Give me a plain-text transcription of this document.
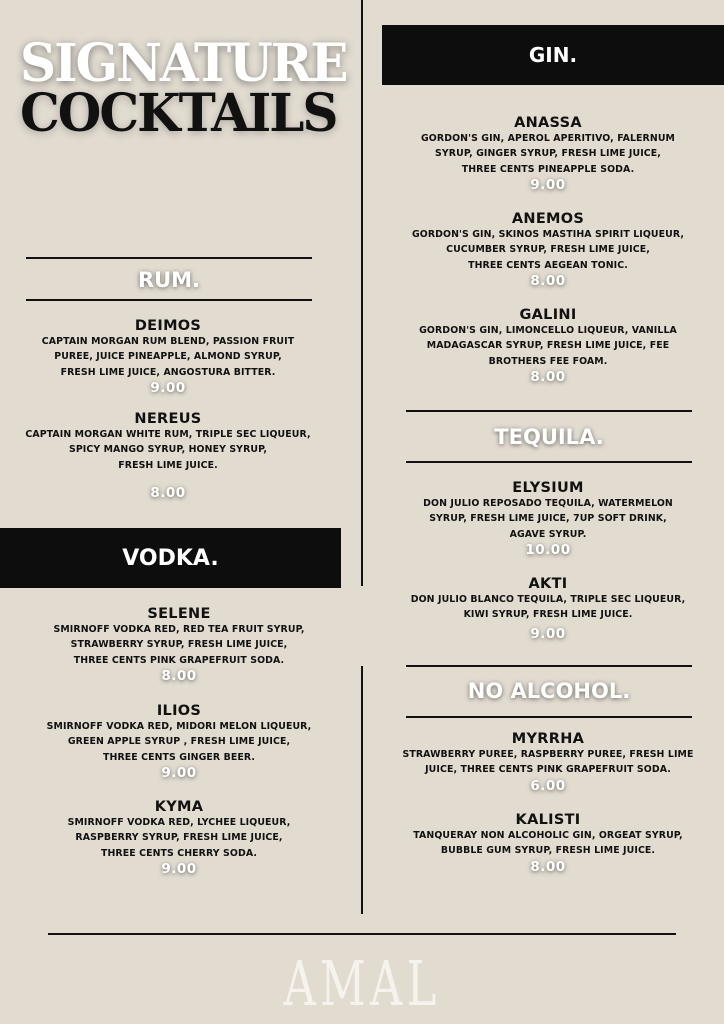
SIGNATURE
COCKTAILS
RUM.
DEIMOS
CAPTAIN MORGAN RUM BLEND, PASSION FRUIT
PUREE, JUICE PINEAPPLE, ALMOND SYRUP,
FRESH LIME JUICE, ANGOSTURA BITTER.
9.00
NEREUS
CAPTAIN MORGAN WHITE RUM, TRIPLE SEC LIQUEUR,
SPICY MANGO SYRUP, HONEY SYRUP,
FRESH LIME JUICE.
8.00
VODKA.
SELENE
SMIRNOFF VODKA RED, RED TEA FRUIT SYRUP,
STRAWBERRY SYRUP, FRESH LIME JUICE,
THREE CENTS PINK GRAPEFRUIT SODA.
8.00
ILIOS
SMIRNOFF VODKA RED, MIDORI MELON LIQUEUR,
GREEN APPLE SYRUP , FRESH LIME JUICE,
THREE CENTS GINGER BEER.
9.00
KYMA
SMIRNOFF VODKA RED, LYCHEE LIQUEUR,
RASPBERRY SYRUP, FRESH LIME JUICE,
THREE CENTS CHERRY SODA.
9.00
GIN.
ANASSA
GORDON'S GIN, APEROL APERITIVO, FALERNUM
SYRUP, GINGER SYRUP, FRESH LIME JUICE,
THREE CENTS PINEAPPLE SODA.
9.00
ANEMOS
GORDON'S GIN, SKINOS MASTIHA SPIRIT LIQUEUR,
CUCUMBER SYRUP, FRESH LIME JUICE,
THREE CENTS AEGEAN TONIC.
8.00
GALINI
GORDON'S GIN, LIMONCELLO LIQUEUR, VANILLA
MADAGASCAR SYRUP, FRESH LIME JUICE, FEE
BROTHERS FEE FOAM.
8.00
TEQUILA.
ELYSIUM
DON JULIO REPOSADO TEQUILA, WATERMELON
SYRUP, FRESH LIME JUICE, 7UP SOFT DRINK,
AGAVE SYRUP.
10.00
AKTI
DON JULIO BLANCO TEQUILA, TRIPLE SEC LIQUEUR,
KIWI SYRUP, FRESH LIME JUICE.
9.00
NO ALCOHOL.
MYRRHA
STRAWBERRY PUREE, RASPBERRY PUREE, FRESH LIME
JUICE, THREE CENTS PINK GRAPEFRUIT SODA.
6.00
KALISTI
TANQUERAY NON ALCOHOLIC GIN, ORGEAT SYRUP,
BUBBLE GUM SYRUP, FRESH LIME JUICE.
8.00
AMAL
